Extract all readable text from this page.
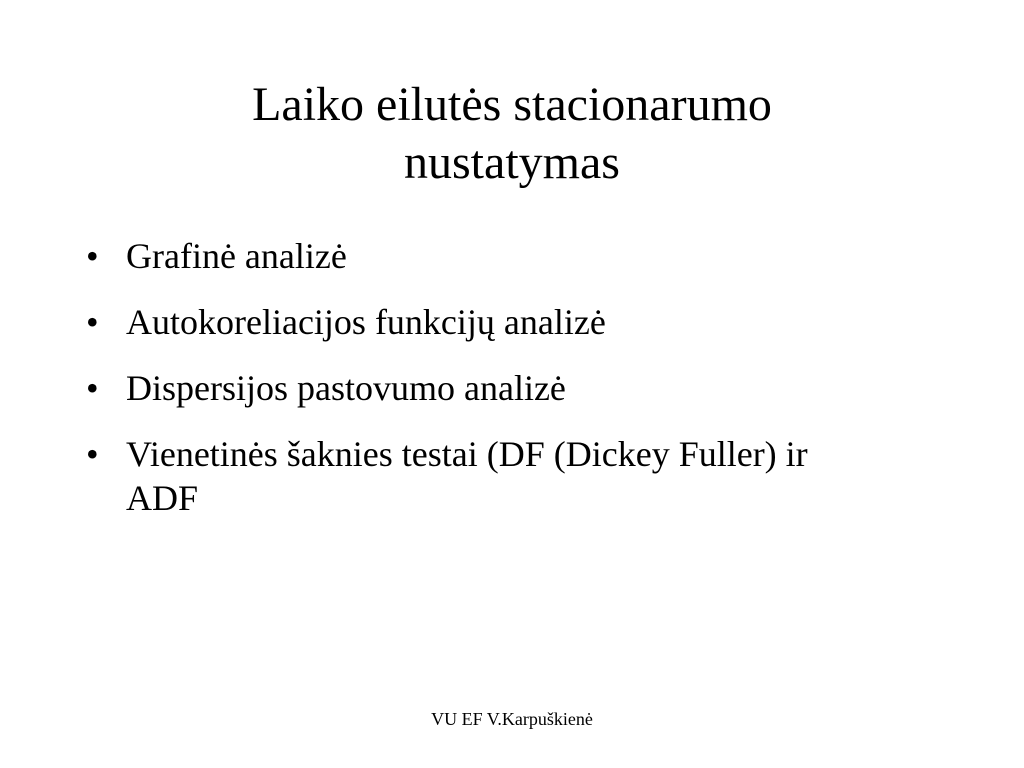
Laiko eilutės stacionarumo
nustatymas
• Grafinė analizė
• Autokoreliacijos funkcijų analizė
• Dispersijos pastovumo analizė
• Vienetinės šaknies testai (DF (Dickey Fuller) ir ADF
VU EF V.Karpuškienė
